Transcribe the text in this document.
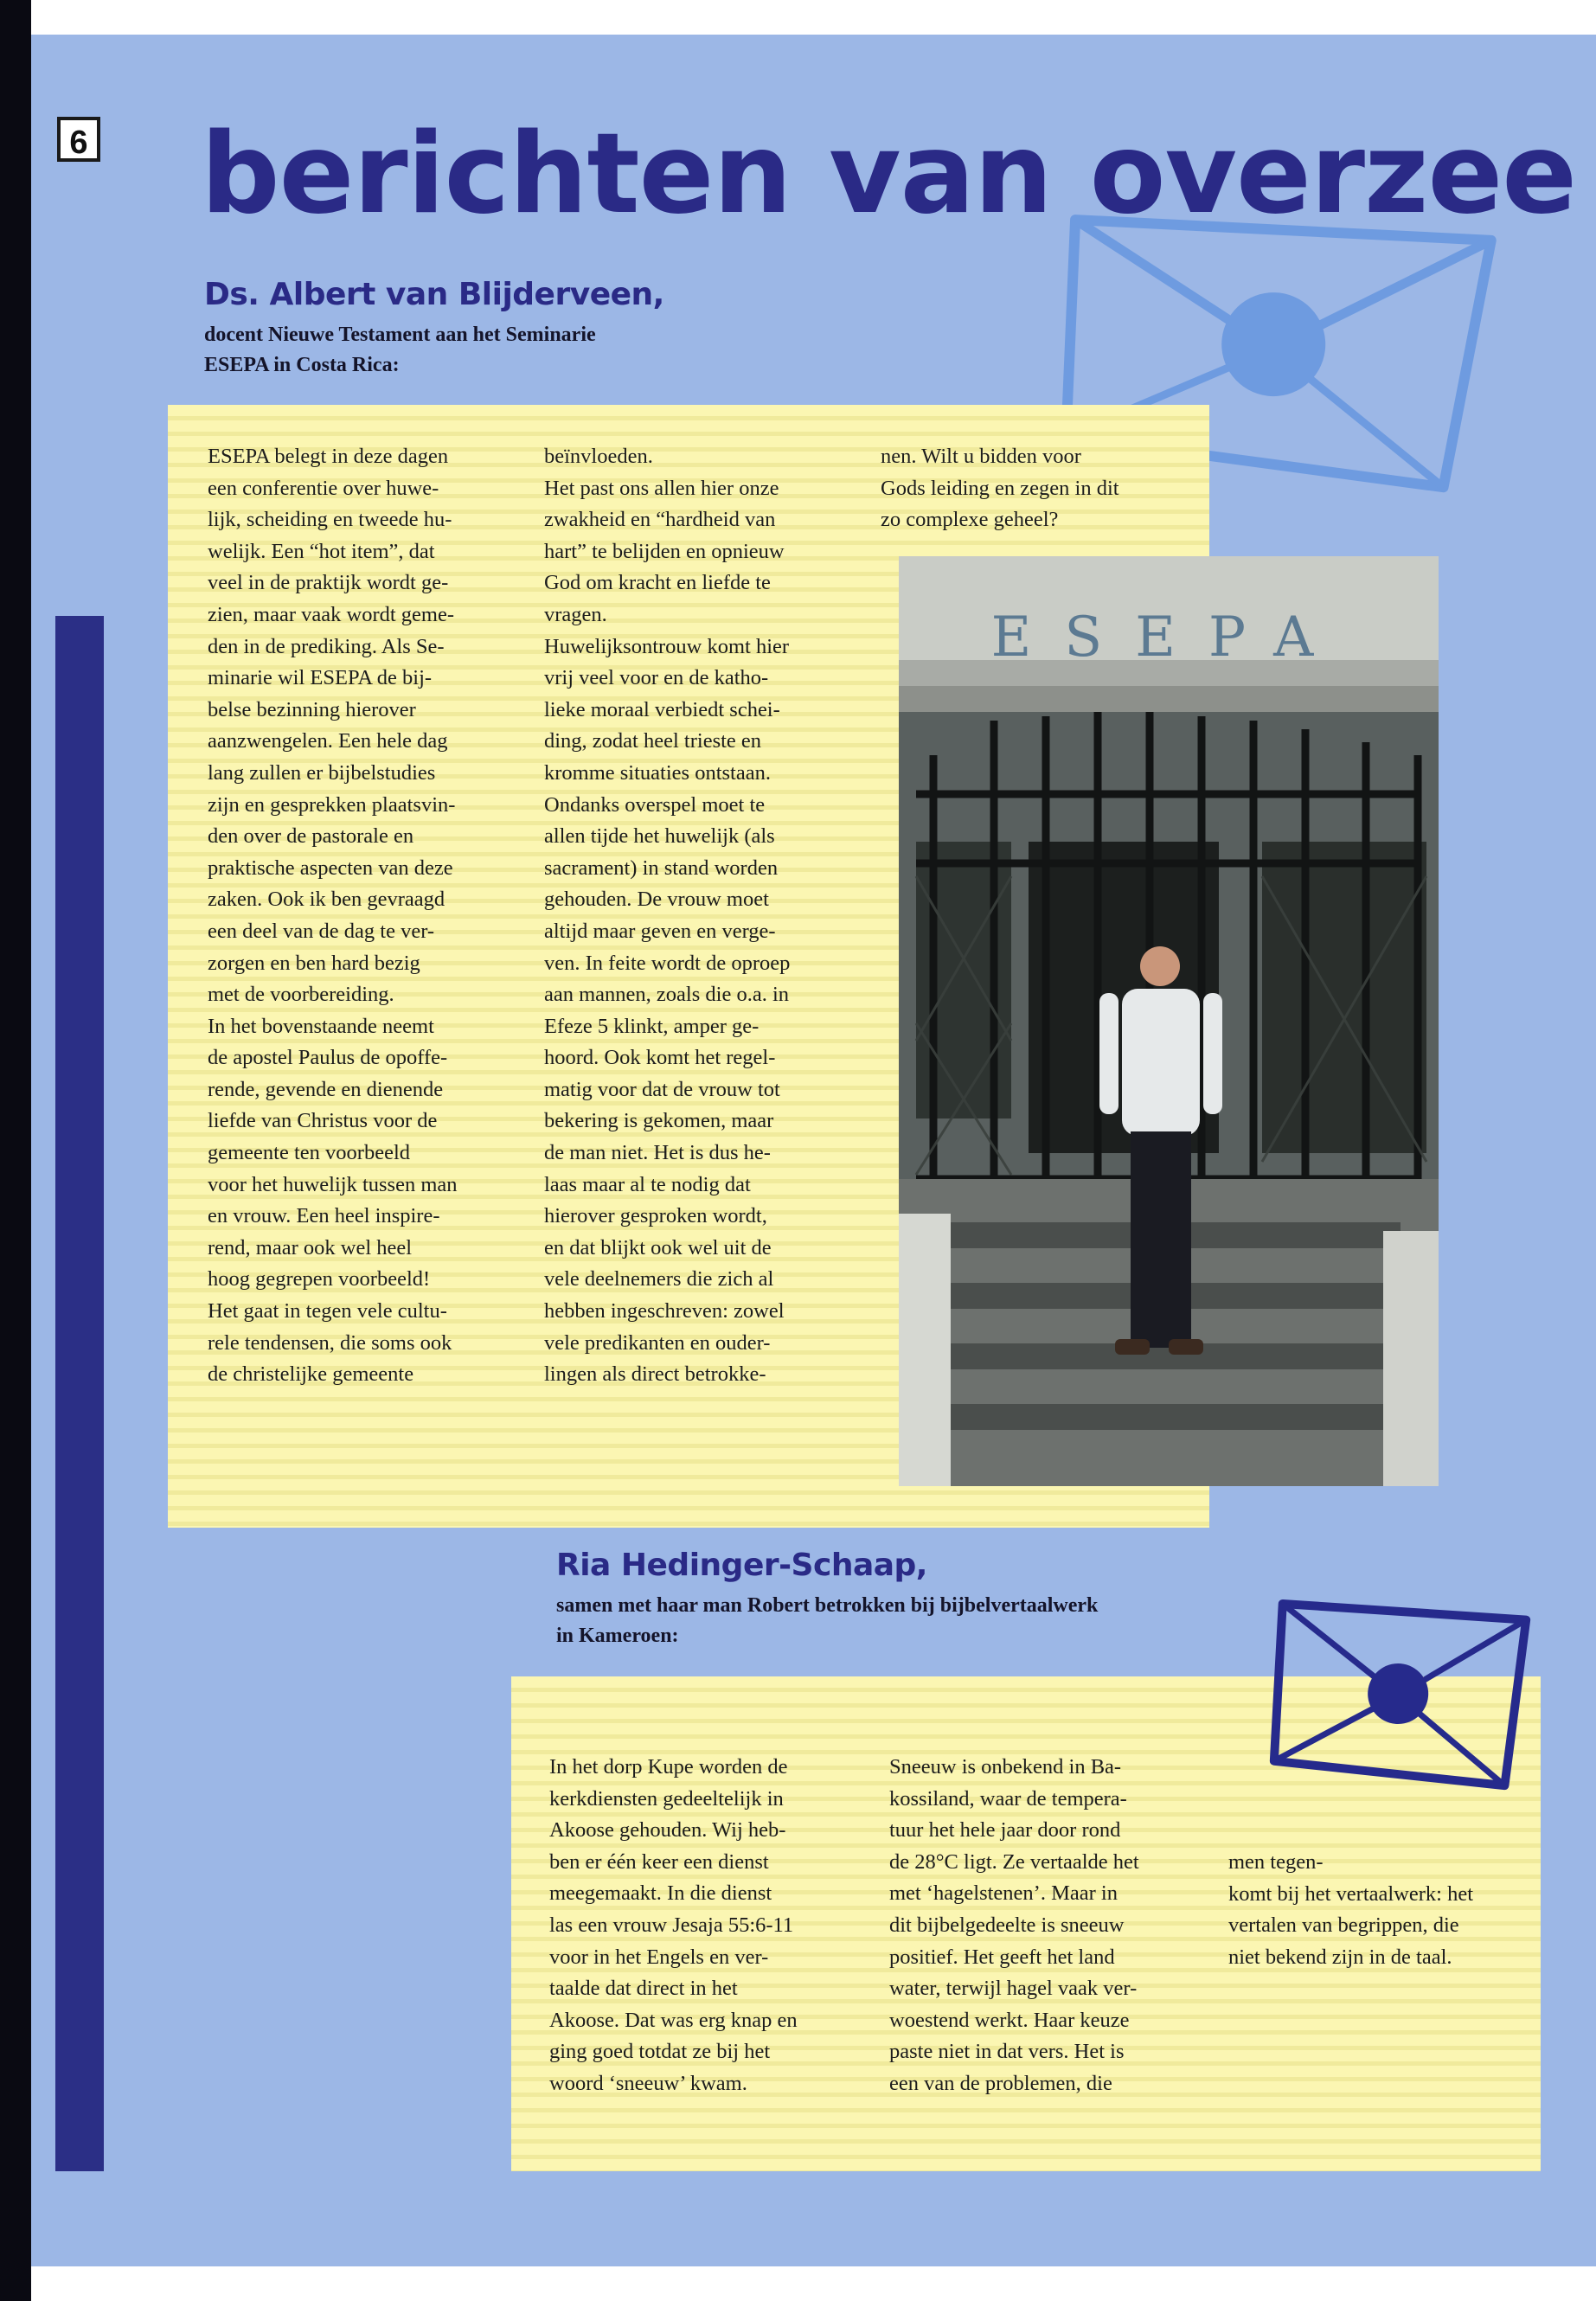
6 berichten van overzee
Ds. Albert van Blijderveen,

docent Nieuwe Testament aan het Seminarie

ESEPA in Costa Rica:

ESEPA belegt in deze dagen
een conferentie over huwe-
lijk, scheiding en tweede hu-
welijk. Een “hot item”, dat
veel in de praktijk wordt ge-
zien, maar vaak wordt geme-
den in de prediking. Als Se-
minarie wil ESEPA de bij-
belse bezinning hierover
aanzwengelen. Een hele dag
lang zullen er bijbelstudies
zijn en gesprekken plaatsvin-
den over de pastorale en
praktische aspecten van deze
zaken. Ook ik ben gevraagd
een deel van de dag te ver-
zorgen en ben hard bezig
met de voorbereiding.
In het bovenstaande neemt
de apostel Paulus de opoffe-
rende, gevende en dienende
liefde van Christus voor de
gemeente ten voorbeeld
voor het huwelijk tussen man
en vrouw. Een heel inspire-
rend, maar ook wel heel
hoog gegrepen voorbeeld!
Het gaat in tegen vele cultu-
rele tendensen, die soms ook
de christelijke gemeente

beïnvloeden.
Het past ons allen hier onze
zwakheid en “hardheid van
hart” te belijden en opnieuw
God om kracht en liefde te
vragen.
Huwelijksontrouw komt hier
vrij veel voor en de katho-
lieke moraal verbiedt schei-
ding, zodat heel trieste en
kromme situaties ontstaan.
Ondanks overspel moet te
allen tijde het huwelijk (als
sacrament) in stand worden
gehouden. De vrouw moet
altijd maar geven en verge-
ven. In feite wordt de oproep
aan mannen, zoals die o.a. in
Efeze 5 klinkt, amper ge-
hoord. Ook komt het regel-
matig voor dat de vrouw tot
bekering is gekomen, maar
de man niet. Het is dus he-
laas maar al te nodig dat
hierover gesproken wordt,
en dat blijkt ook wel uit de
vele deelnemers die zich al
hebben ingeschreven: zowel
vele predikanten en ouder-
lingen als direct betrokke-

nen. Wilt u bidden voor
Gods leiding en zegen in dit
zo complexe geheel?

ESEPA
Ria Hedinger-Schaap,

samen met haar man Robert betrokken bij bijbelvertaalwerk

in Kameroen:

In het dorp Kupe worden de
kerkdiensten gedeeltelijk in
Akoose gehouden. Wij heb-
ben er één keer een dienst
meegemaakt. In die dienst
las een vrouw Jesaja 55:6-11
voor in het Engels en ver-
taalde dat direct in het
Akoose. Dat was erg knap en
ging goed totdat ze bij het
woord ‘sneeuw’ kwam.

Sneeuw is onbekend in Ba-
kossiland, waar de tempera-
tuur het hele jaar door rond
de 28°C ligt. Ze vertaalde het
met ‘hagelstenen’. Maar in
dit bijbelgedeelte is sneeuw
positief. Het geeft het land
water, terwijl hagel vaak ver-
woestend werkt. Haar keuze
paste niet in dat vers. Het is
een van de problemen, die

men tegen-
komt bij het vertaalwerk: het
vertalen van begrippen, die
niet bekend zijn in de taal.
